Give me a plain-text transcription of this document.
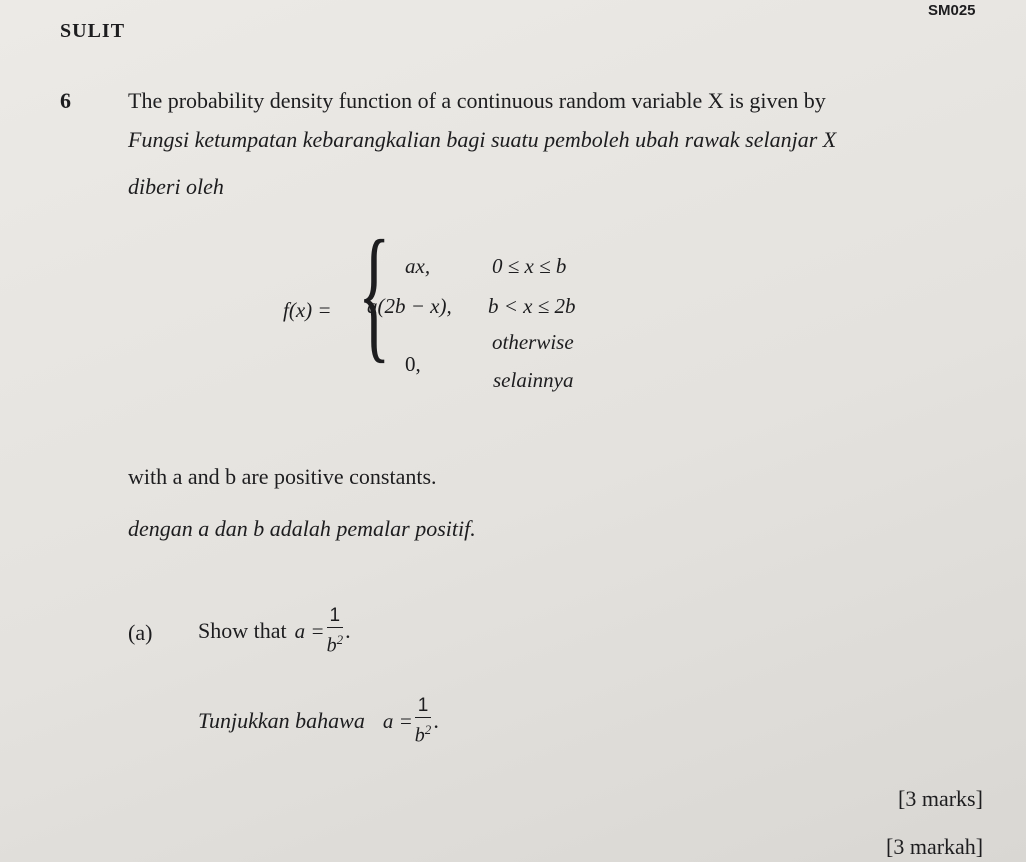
SM025
SULIT
6	The probability density function of a continuous random variable X is given by
Fungsi ketumpatan kebarangkalian bagi suatu pemboleh ubah rawak selanjar X
diberi oleh
f(x) = { ax,	0 ≤ x ≤ b
a(2b − x), b < x ≤ 2b
0,
otherwise
selainnya
with a and b are positive constants.
dengan a dan b adalah pemalar positif.
(a) Show that $a = \frac{1}{b^2}$ .
Tunjukkan bahawa $a = \frac{1}{b^2}$ .
[3 marks]
[3 markah]
